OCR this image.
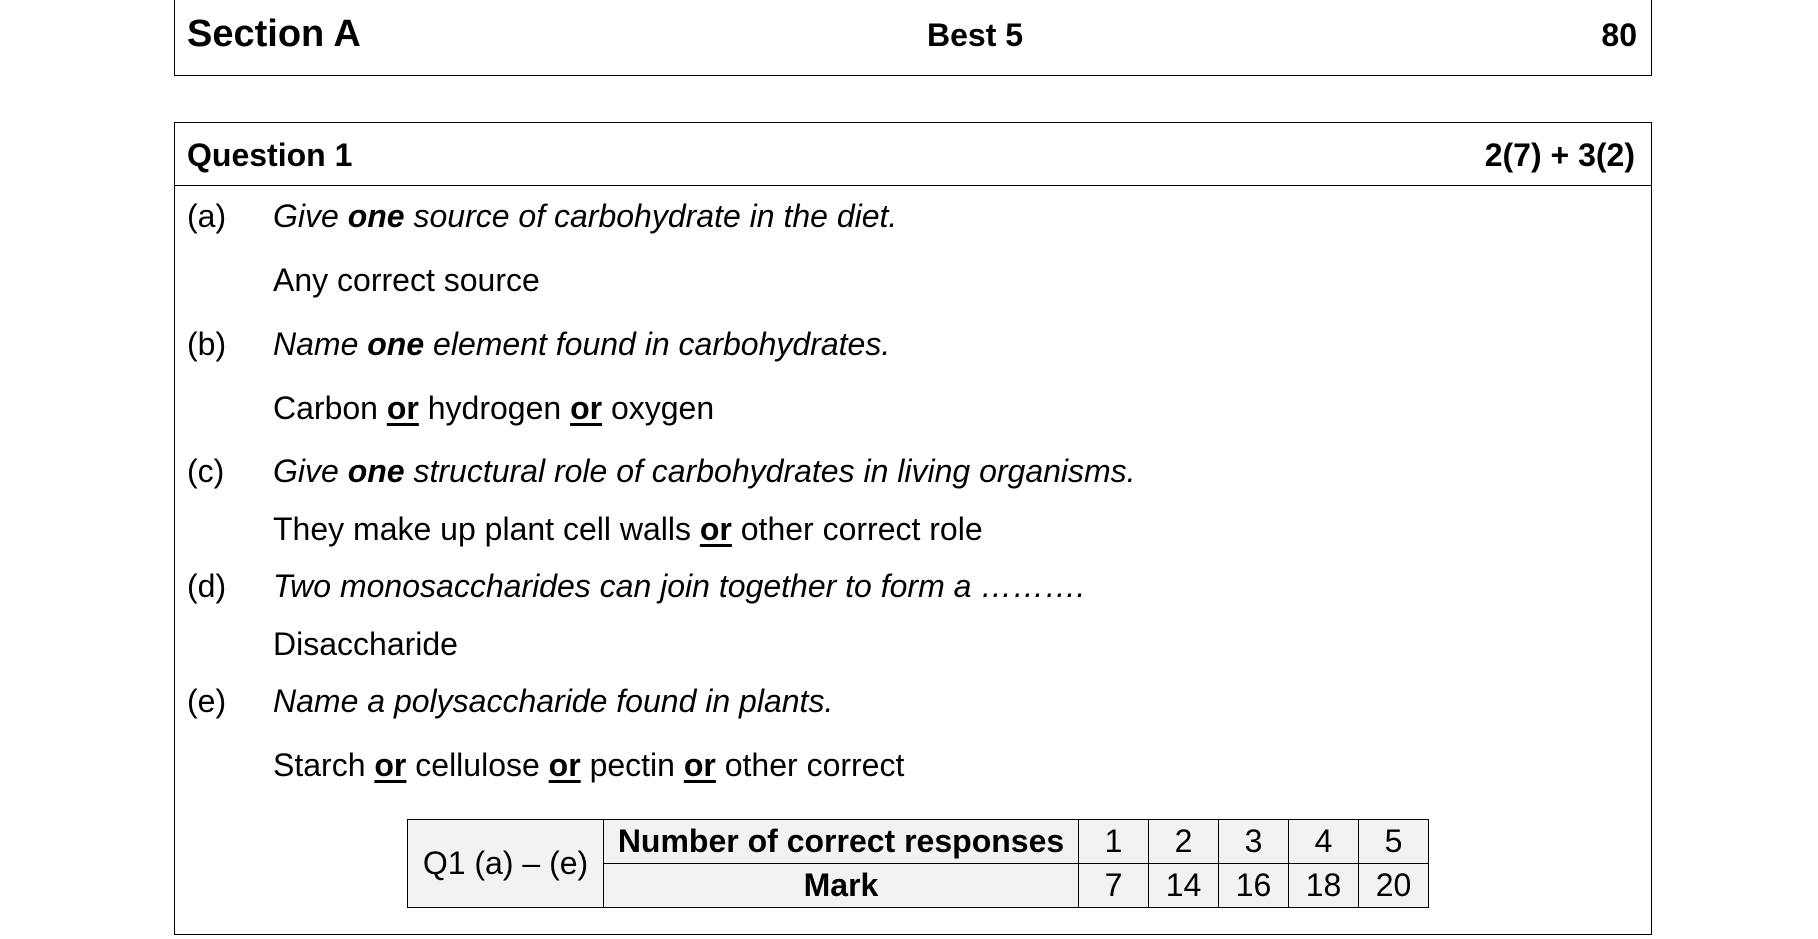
Section A	Best 5	80
Question 1	2(7) + 3(2)
(a) Give one source of carbohydrate in the diet.
Any correct source
(b) Name one element found in carbohydrates.
Carbon or hydrogen or oxygen
(c) Give one structural role of carbohydrates in living organisms.
They make up plant cell walls or other correct role
(d) Two monosaccharides can join together to form a ……….
Disaccharide
(e) Name a polysaccharide found in plants.
Starch or cellulose or pectin or other correct
Q1 (a) – (e)	Number of correct responses	1	2	3	4	5
	Mark	7	14	16	18	20
